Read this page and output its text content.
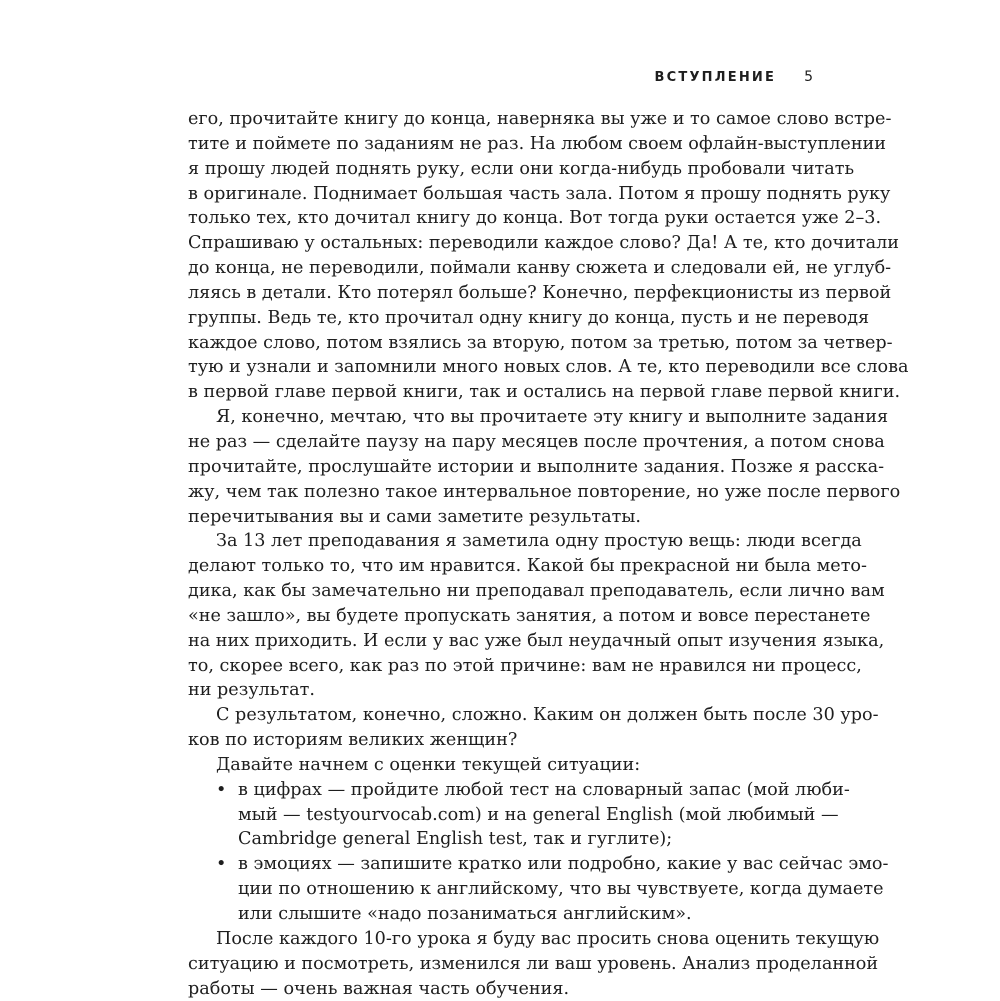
ВСТУПЛЕНИЕ 5
его, прочитайте книгу до конца, наверняка вы уже и то самое слово встре-
тите и поймете по заданиям не раз. На любом своем офлайн-выступлении
я прошу людей поднять руку, если они когда-нибудь пробовали читать
в оригинале. Поднимает большая часть зала. Потом я прошу поднять руку
только тех, кто дочитал книгу до конца. Вот тогда руки остается уже 2–3.
Спрашиваю у остальных: переводили каждое слово? Да! А те, кто дочитали
до конца, не переводили, поймали канву сюжета и следовали ей, не углуб-
ляясь в детали. Кто потерял больше? Конечно, перфекционисты из первой
группы. Ведь те, кто прочитал одну книгу до конца, пусть и не переводя
каждое слово, потом взялись за вторую, потом за третью, потом за четвер-
тую и узнали и запомнили много новых слов. А те, кто переводили все слова
в первой главе первой книги, так и остались на первой главе первой книги.
Я, конечно, мечтаю, что вы прочитаете эту книгу и выполните задания
не раз — сделайте паузу на пару месяцев после прочтения, а потом снова
прочитайте, прослушайте истории и выполните задания. Позже я расска-
жу, чем так полезно такое интервальное повторение, но уже после первого
перечитывания вы и сами заметите результаты.
За 13 лет преподавания я заметила одну простую вещь: люди всегда
делают только то, что им нравится. Какой бы прекрасной ни была мето-
дика, как бы замечательно ни преподавал преподаватель, если лично вам
«не зашло», вы будете пропускать занятия, а потом и вовсе перестанете
на них приходить. И если у вас уже был неудачный опыт изучения языка,
то, скорее всего, как раз по этой причине: вам не нравился ни процесс,
ни результат.
С результатом, конечно, сложно. Каким он должен быть после 30 уро-
ков по историям великих женщин?
Давайте начнем с оценки текущей ситуации:
• в цифрах — пройдите любой тест на словарный запас (мой люби-
мый — testyourvocab.com) и на general English (мой любимый —
Cambridge general English test, так и гуглите);
• в эмоциях — запишите кратко или подробно, какие у вас сейчас эмо-
ции по отношению к английскому, что вы чувствуете, когда думаете
или слышите «надо позаниматься английским».
После каждого 10-го урока я буду вас просить снова оценить текущую
ситуацию и посмотреть, изменился ли ваш уровень. Анализ проделанной
работы — очень важная часть обучения.
